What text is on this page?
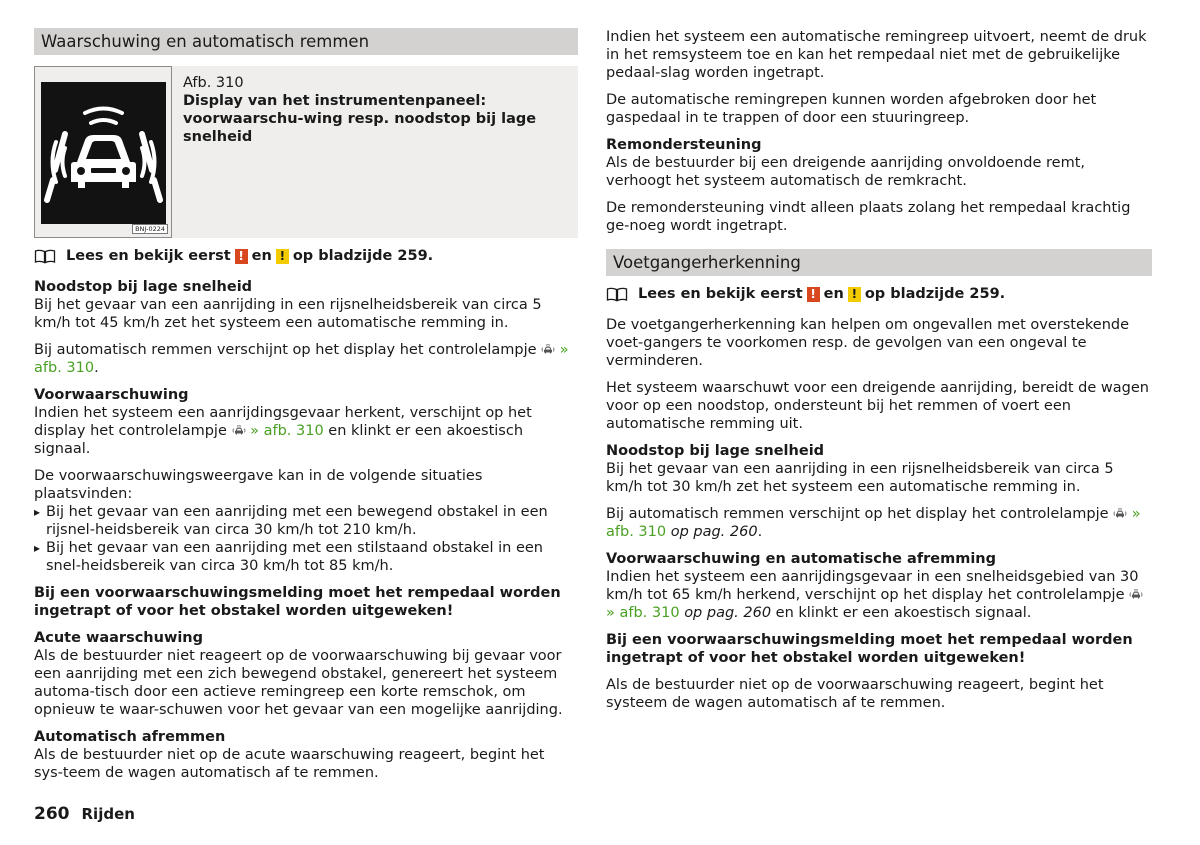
Waarschuwing en automatisch remmen
BNJ-0224
Afb. 310
Display van het instrumentenpaneel: voorwaarschu-wing resp. noodstop bij lage snelheid
Lees en bekijk eerst ! en ! op bladzijde 259.
Noodstop bij lage snelheid

Bij het gevaar van een aanrijding in een rijsnelheidsbereik van circa 5 km/h tot 45 km/h zet het systeem een automatische remming in.

Bij automatisch remmen verschijnt op het display het controlelampje » afb. 310.

Voorwaarschuwing

Indien het systeem een aanrijdingsgevaar herkent, verschijnt op het display het controlelampje » afb. 310 en klinkt er een akoestisch signaal.

De voorwaarschuwingsweergave kan in de volgende situaties plaatsvinden:

▸ Bij het gevaar van een aanrijding met een bewegend obstakel in een rijsnel-heidsbereik van circa 30 km/h tot 210 km/h.
▸ Bij het gevaar van een aanrijding met een stilstaand obstakel in een snel-heidsbereik van circa 30 km/h tot 85 km/h.

Bij een voorwaarschuwingsmelding moet het rempedaal worden ingetrapt of voor het obstakel worden uitgeweken!

Acute waarschuwing

Als de bestuurder niet reageert op de voorwaarschuwing bij gevaar voor een aanrijding met een zich bewegend obstakel, genereert het systeem automa-tisch door een actieve remingreep een korte remschok, om opnieuw te waar-schuwen voor het gevaar van een mogelijke aanrijding.

Automatisch afremmen

Als de bestuurder niet op de acute waarschuwing reageert, begint het sys-teem de wagen automatisch af te remmen.

Indien het systeem een automatische remingreep uitvoert, neemt de druk in het remsysteem toe en kan het rempedaal niet met de gebruikelijke pedaal-slag worden ingetrapt.

De automatische remingrepen kunnen worden afgebroken door het gaspedaal in te trappen of door een stuuringreep.

Remondersteuning

Als de bestuurder bij een dreigende aanrijding onvoldoende remt, verhoogt het systeem automatisch de remkracht.

De remondersteuning vindt alleen plaats zolang het rempedaal krachtig ge-noeg wordt ingetrapt.

Voetgangerherkenning
Lees en bekijk eerst ! en ! op bladzijde 259.

De voetgangerherkenning kan helpen om ongevallen met overstekende voet-gangers te voorkomen resp. de gevolgen van een ongeval te verminderen.

Het systeem waarschuwt voor een dreigende aanrijding, bereidt de wagen voor op een noodstop, ondersteunt bij het remmen of voert een automatische remming uit.

Noodstop bij lage snelheid

Bij het gevaar van een aanrijding in een rijsnelheidsbereik van circa 5 km/h tot 30 km/h zet het systeem een automatische remming in.

Bij automatisch remmen verschijnt op het display het controlelampje » afb. 310 op pag. 260.

Voorwaarschuwing en automatische afremming

Indien het systeem een aanrijdingsgevaar in een snelheidsgebied van 30 km/h tot 65 km/h herkend, verschijnt op het display het controlelampje  » afb. 310 op pag. 260 en klinkt er een akoestisch signaal.

Bij een voorwaarschuwingsmelding moet het rempedaal worden ingetrapt of voor het obstakel worden uitgeweken!

Als de bestuurder niet op de voorwaarschuwing reageert, begint het systeem de wagen automatisch af te remmen.

260 Rijden
